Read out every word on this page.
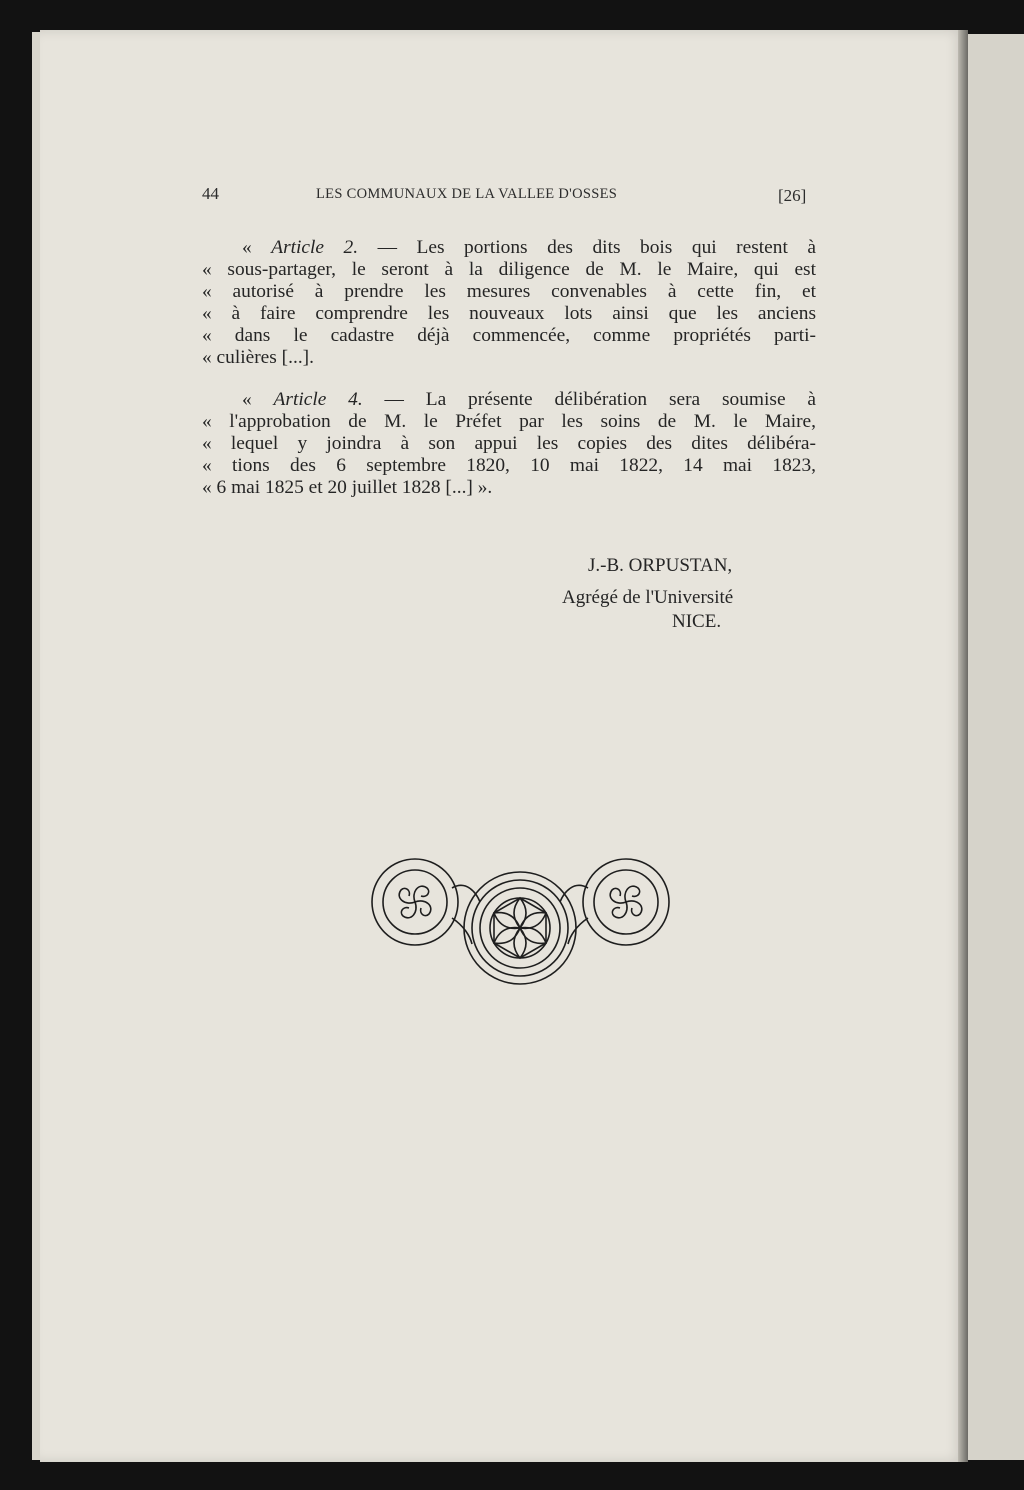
44	LES COMMUNAUX DE LA VALLEE D'OSSES	[26]
« Article 2. — Les portions des dits bois qui restent à
« sous-partager, le seront à la diligence de M. le Maire, qui est
« autorisé à prendre les mesures convenables à cette fin, et
« à faire comprendre les nouveaux lots ainsi que les anciens
« dans le cadastre déjà commencée, comme propriétés parti-
« culières [...].
« Article 4. — La présente délibération sera soumise à
« l'approbation de M. le Préfet par les soins de M. le Maire,
« lequel y joindra à son appui les copies des dites délibéra-
« tions des 6 septembre 1820, 10 mai 1822, 14 mai 1823,
« 6 mai 1825 et 20 juillet 1828 [...] ».
J.-B. ORPUSTAN,
Agrégé de l'Université
NICE.
